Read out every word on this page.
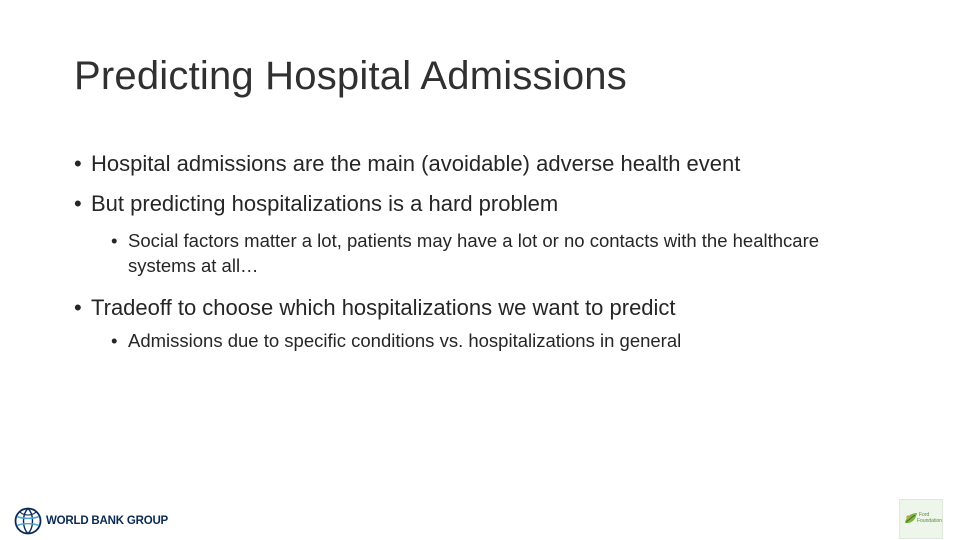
Predicting Hospital Admissions
• Hospital admissions are the main (avoidable) adverse health event
• But predicting hospitalizations is a hard problem
• Social factors matter a lot, patients may have a lot or no contacts with the healthcare systems at all…
• Tradeoff to choose which hospitalizations we want to predict
• Admissions due to specific conditions vs. hospitalizations in general
WORLD BANK GROUP	Ford
Foundation
